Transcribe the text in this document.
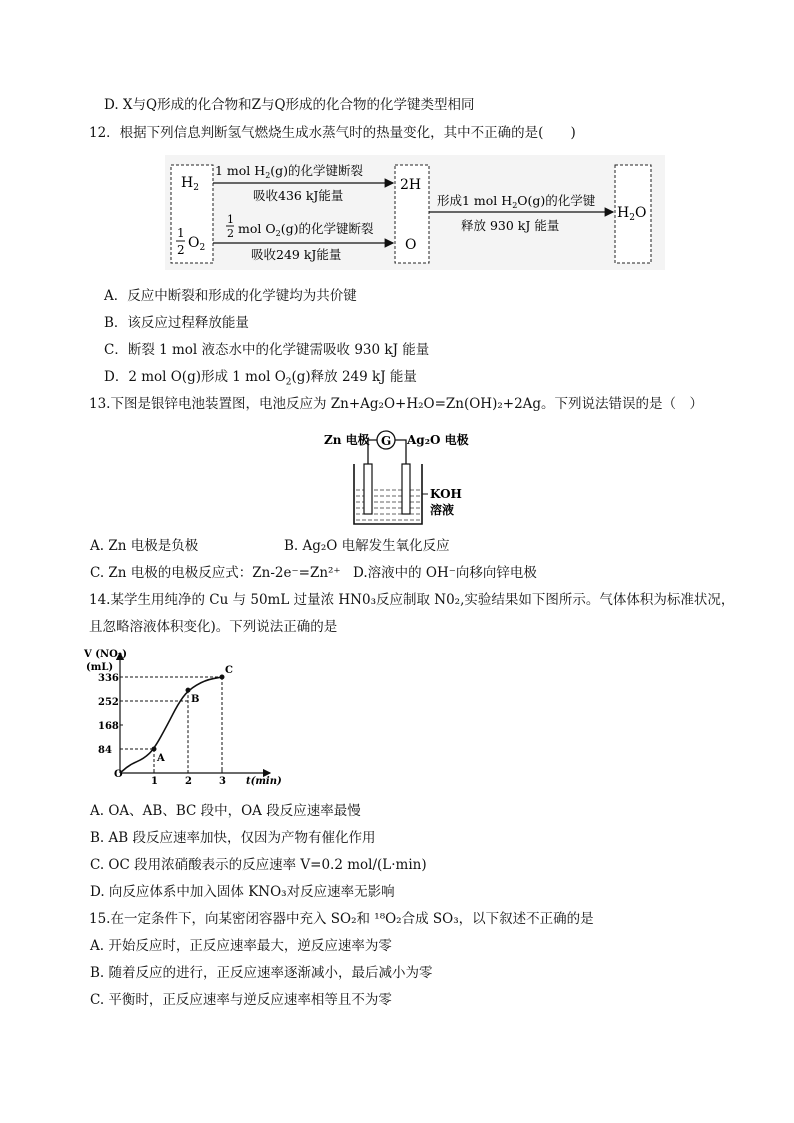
D. X与Q形成的化合物和Z与Q形成的化合物的化学键类型相同
12．根据下列信息判断氢气燃烧生成水蒸气时的热量变化，其中不正确的是(　　)
$H_2$
1
2 $O_2$
1 mol $H_2(g)$的化学键断裂
吸收436 kJ能量
1
2 mol $O_2(g)$的化学键断裂
吸收249 kJ能量
2H
O
形成1 mol $H_2O(g)$的化学键
释放 930 kJ 能量
$H_2O$
A．反应中断裂和形成的化学键均为共价键
B．该反应过程释放能量
C．断裂 1 mol 液态水中的化学键需吸收 930 kJ 能量
D．2 mol O(g)形成 1 mol $O_2(g)$释放 249 kJ 能量
13.下图是银锌电池装置图，电池反应为 Zn+Ag₂O+H₂O=Zn(OH)₂+2Ag。下列说法错误的是（　）
Zn 电极 G Ag₂O 电极
KOH
溶液
A. Zn 电极是负极	B. Ag₂O 电解发生氧化反应
C. Zn 电极的电极反应式：Zn-2e⁻=Zn²⁺ D.溶液中的 OH⁻向移向锌电极
14.某学生用纯净的 Cu 与 50mL 过量浓 HN0₃反应制取 N0₂,实验结果如下图所示。气体体积为标准状况，
且忽略溶液体积变化)。下列说法正确的是
V (NO₂)
(mL)
t(min)
O
1	2	3
84
168
252
336
A
B
C
A. OA、AB、BC 段中，OA 段反应速率最慢
B. AB 段反应速率加快，仅因为产物有催化作用
C. OC 段用浓硝酸表示的反应速率 V=0.2 mol/(L·min)
D. 向反应体系中加入固体 KNO₃对反应速率无影响
15.在一定条件下，向某密闭容器中充入 SO₂和 ¹⁸O₂合成 SO₃，以下叙述不正确的是
A. 开始反应时，正反应速率最大，逆反应速率为零
B. 随着反应的进行，正反应速率逐渐减小，最后减小为零
C. 平衡时，正反应速率与逆反应速率相等且不为零
